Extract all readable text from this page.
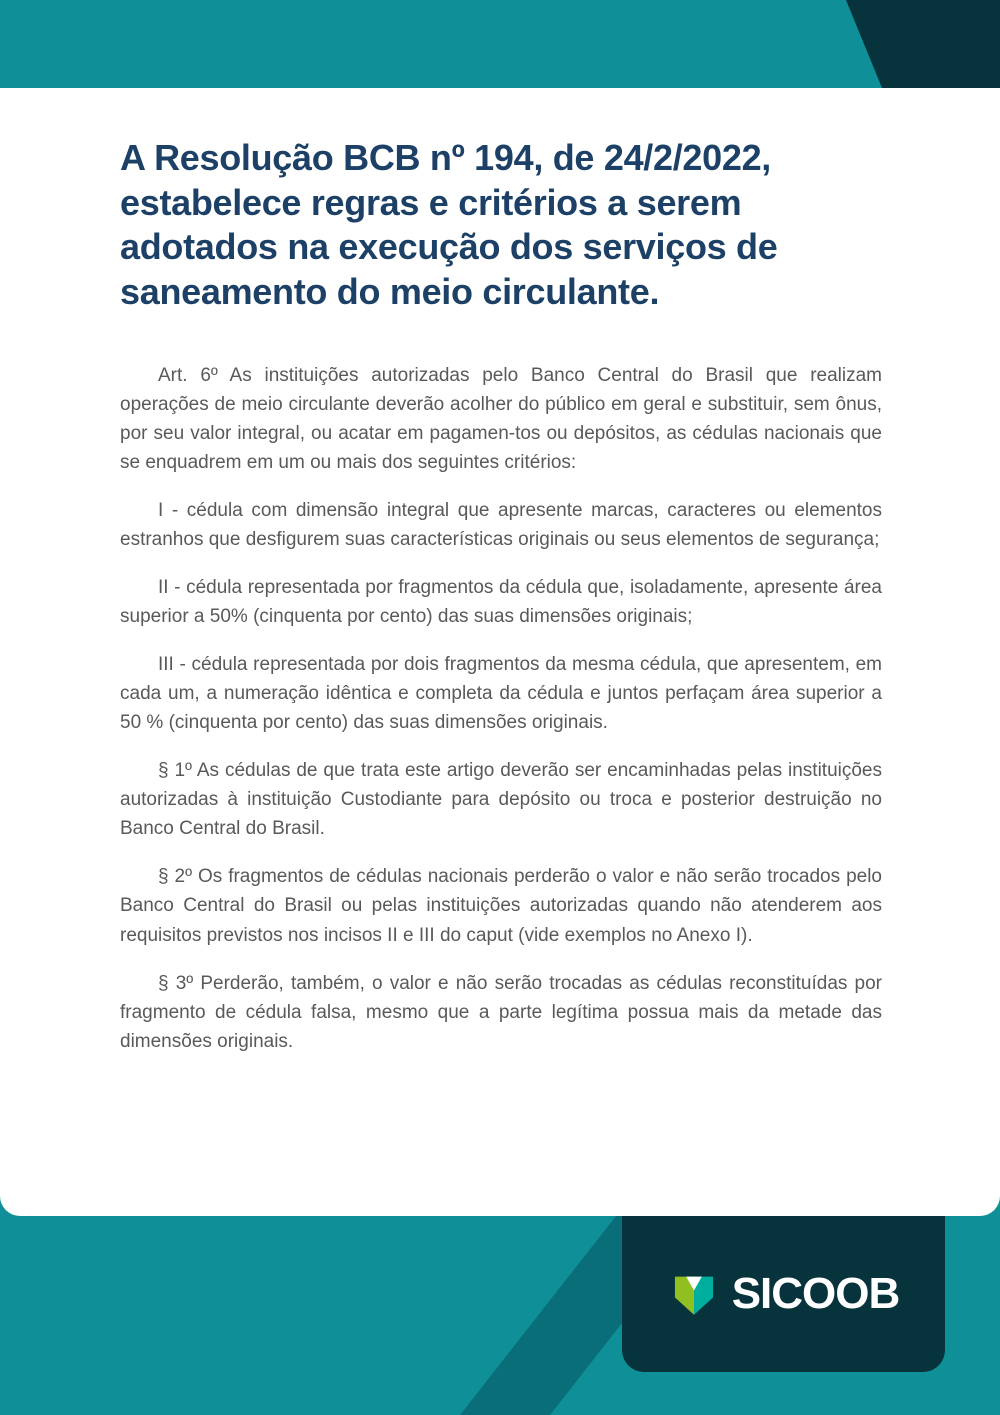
A Resolução BCB nº 194, de 24/2/2022, estabelece regras e critérios a serem adotados na execução dos serviços de saneamento do meio circulante.

Art. 6º As instituições autorizadas pelo Banco Central do Brasil que realizam operações de meio circulante deverão acolher do público em geral e substituir, sem ônus, por seu valor integral, ou acatar em pagamen-tos ou depósitos, as cédulas nacionais que se enquadrem em um ou mais dos seguintes critérios:

I - cédula com dimensão integral que apresente marcas, caracteres ou elementos estranhos que desfigurem suas características originais ou seus elementos de segurança;

II - cédula representada por fragmentos da cédula que, isoladamente, apresente área superior a 50% (cinquenta por cento) das suas dimensões originais;

III - cédula representada por dois fragmentos da mesma cédula, que apresentem, em cada um, a numeração idêntica e completa da cédula e juntos perfaçam área superior a 50 % (cinquenta por cento) das suas dimensões originais.

§ 1º As cédulas de que trata este artigo deverão ser encaminhadas pelas instituições autorizadas à instituição Custodiante para depósito ou troca e posterior destruição no Banco Central do Brasil.

§ 2º Os fragmentos de cédulas nacionais perderão o valor e não serão trocados pelo Banco Central do Brasil ou pelas instituições autorizadas quando não atenderem aos requisitos previstos nos incisos II e III do caput (vide exemplos no Anexo I).

§ 3º Perderão, também, o valor e não serão trocadas as cédulas reconstituídas por fragmento de cédula falsa, mesmo que a parte legítima possua mais da metade das dimensões originais.

SICOOB
